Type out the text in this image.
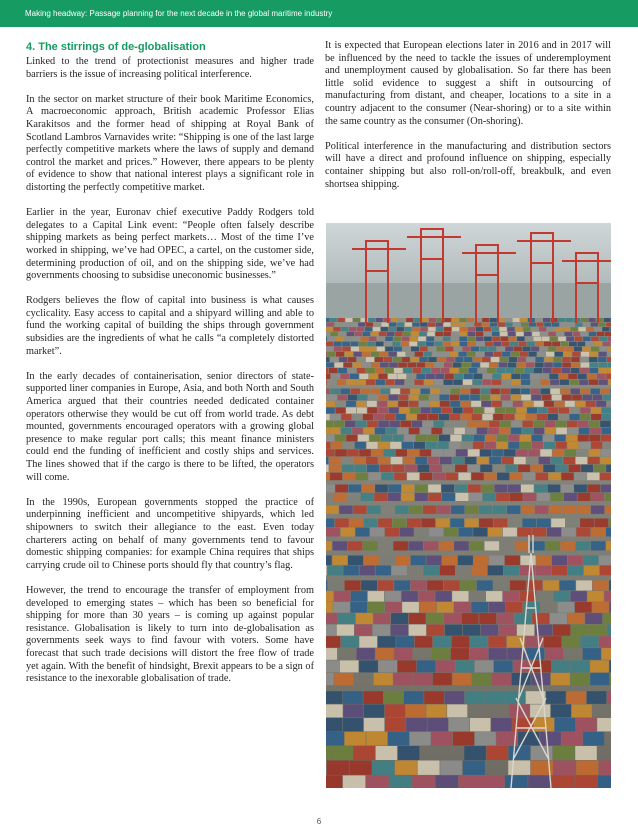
Making headway: Passage planning for the next decade in the global maritime industry
4. The stirrings of de-globalisation

Linked to the trend of protectionist measures and higher trade barriers is the issue of increasing political interference.

In the sector on market structure of their book Maritime Economics, A macroeconomic approach, British academic Professor Elias Karakitsos and the former head of shipping at Royal Bank of Scotland Lambros Varnavides write: “Shipping is one of the last large perfectly competitive markets where the laws of supply and demand control the market and prices.” However, there appears to be plenty of evidence to show that national interest plays a significant role in distorting the perfectly competitive market.

Earlier in the year, Euronav chief executive Paddy Rodgers told delegates to a Capital Link event: “People often falsely describe shipping markets as being perfect markets… Most of the time I’ve worked in shipping, we’ve had OPEC, a cartel, on the customer side, determining production of oil, and on the shipping side, we’ve had governments choosing to subsidise uneconomic businesses.”

Rodgers believes the flow of capital into business is what causes cyclicality. Easy access to capital and a shipyard willing and able to fund the working capital of building the ships through government subsidies are the ingredients of what he calls “a completely distorted market”.

In the early decades of containerisation, senior directors of state-supported liner companies in Europe, Asia, and both North and South America argued that their countries needed dedicated container operators otherwise they would be cut off from world trade. As debt mounted, governments encouraged operators with a growing global presence to make regular port calls; this meant finance ministers could end the funding of inefficient and costly ships and services. The lines showed that if the cargo is there to be lifted, the operators will come.

In the 1990s, European governments stopped the practice of underpinning inefficient and uncompetitive shipyards, which led shipowners to switch their allegiance to the east. Even today charterers acting on behalf of many governments tend to favour domestic shipping companies: for example China requires that ships carrying crude oil to Chinese ports should fly that country’s flag.

However, the trend to encourage the transfer of employment from developed to emerging states – which has been so beneficial for shipping for more than 30 years – is coming up against popular resistance. Globalisation is likely to turn into de-globalisation as governments seek ways to find favour with voters. Some have forecast that such trade decisions will distort the free flow of trade yet again. With the benefit of hindsight, Brexit appears to be a sign of resistance to the inexorable globalisation of trade.

It is expected that European elections later in 2016 and in 2017 will be influenced by the need to tackle the issues of underemployment and unemployment caused by globalisation. So far there has been little solid evidence to suggest a shift in outsourcing of manufacturing from distant, and cheaper, locations to a site in a country adjacent to the consumer (Near-shoring) or to a site within the same country as the consumer (On-shoring).

Political interference in the manufacturing and distribution sectors will have a direct and profound influence on shipping, especially container shipping but also roll-on/roll-off, breakbulk, and even shortsea shipping.

6
